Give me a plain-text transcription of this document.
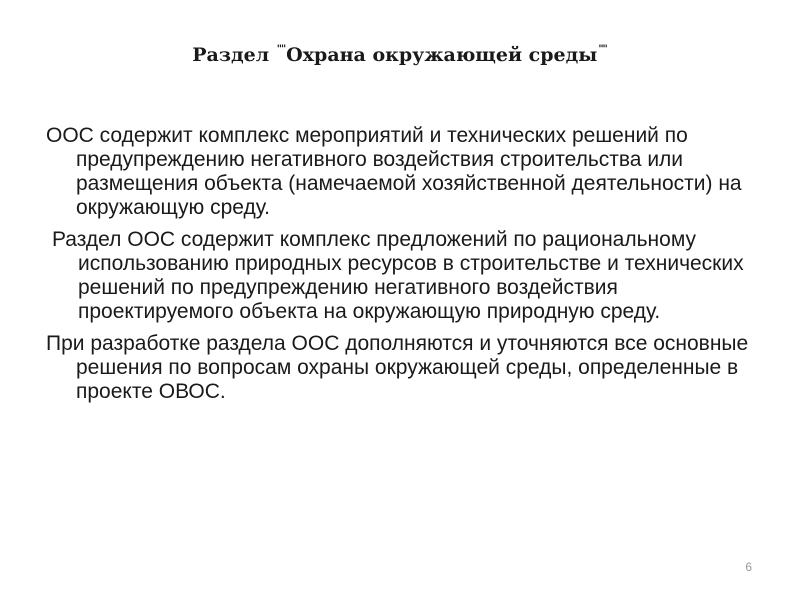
Раздел ""Охрана окружающей среды""

ООС содержит комплекс мероприятий и технических решений по предупреждению негативного воздействия строительства или размещения объекта (намечаемой хозяйственной деятельности) на окружающую среду.

Раздел ООС содержит комплекс предложений по рациональному использованию природных ресурсов в строительстве и технических решений по предупреждению негативного воздействия проектируемого объекта на окружающую природную среду.

При разработке раздела ООС дополняются и уточняются все основные решения по вопросам охраны окружающей среды, определенные в проекте ОВОС.

6
